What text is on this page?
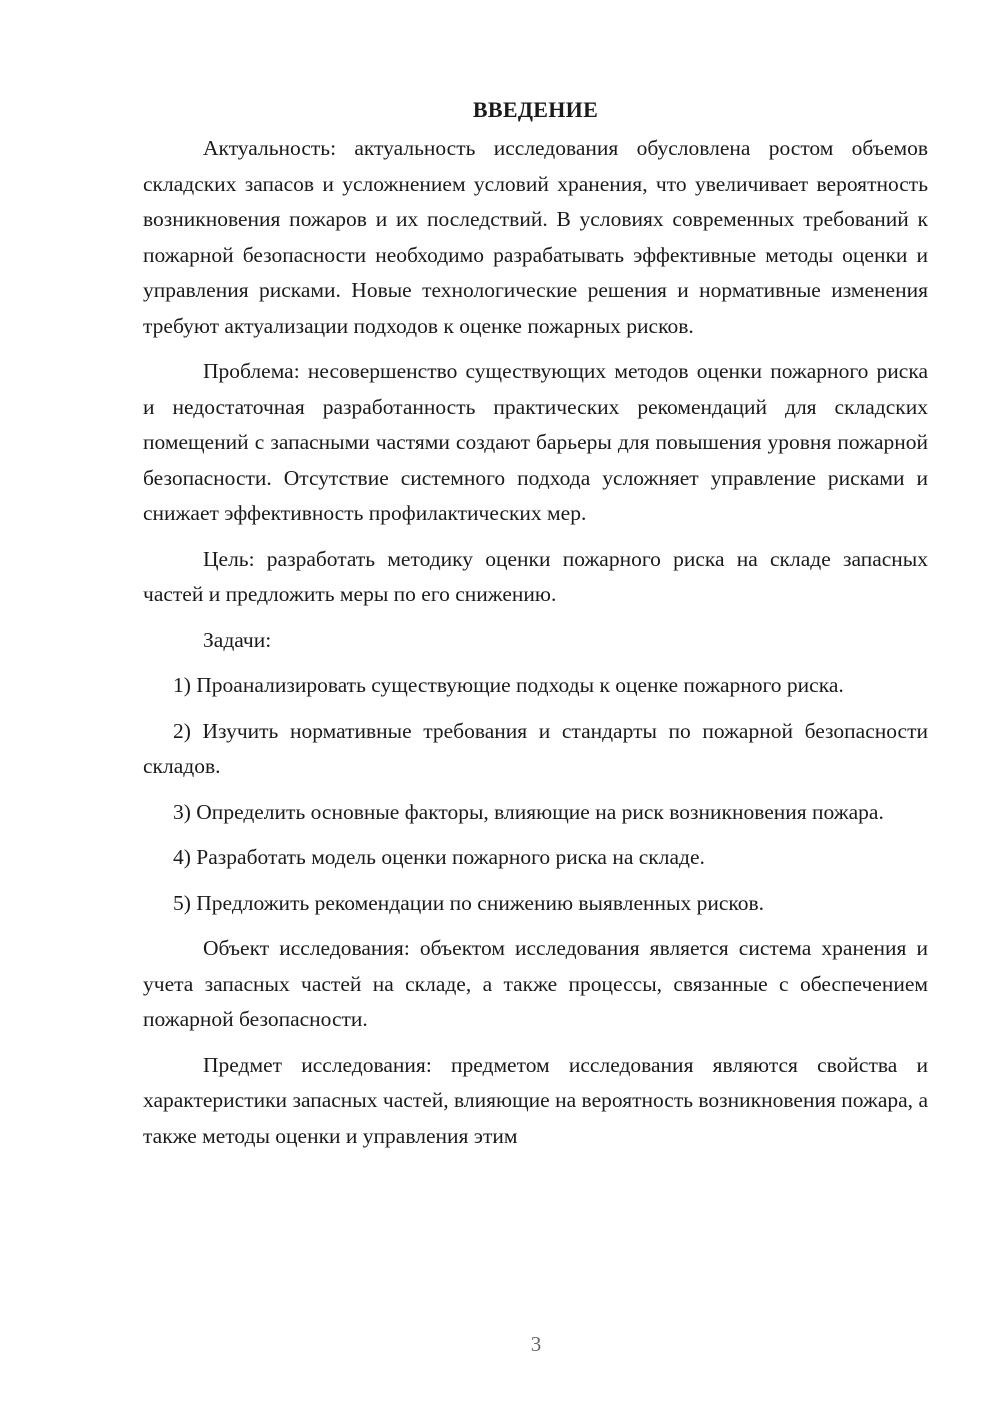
ВВЕДЕНИЕ

Актуальность: актуальность исследования обусловлена ростом объемов складских запасов и усложнением условий хранения, что увеличивает вероятность возникновения пожаров и их последствий. В условиях современных требований к пожарной безопасности необходимо разрабатывать эффективные методы оценки и управления рисками. Новые технологические решения и нормативные изменения требуют актуализации подходов к оценке пожарных рисков.

Проблема: несовершенство существующих методов оценки пожарного риска и недостаточная разработанность практических рекомендаций для складских помещений с запасными частями создают барьеры для повышения уровня пожарной безопасности. Отсутствие системного подхода усложняет управление рисками и снижает эффективность профилактических мер.

Цель: разработать методику оценки пожарного риска на складе запасных частей и предложить меры по его снижению.

Задачи:

1) Проанализировать существующие подходы к оценке пожарного риска.

2) Изучить нормативные требования и стандарты по пожарной безопасности складов.

3) Определить основные факторы, влияющие на риск возникновения пожара.

4) Разработать модель оценки пожарного риска на складе.

5) Предложить рекомендации по снижению выявленных рисков.

Объект исследования: объектом исследования является система хранения и учета запасных частей на складе, а также процессы, связанные с обеспечением пожарной безопасности.

Предмет исследования: предметом исследования являются свойства и характеристики запасных частей, влияющие на вероятность возникновения пожара, а также методы оценки и управления этим

3
